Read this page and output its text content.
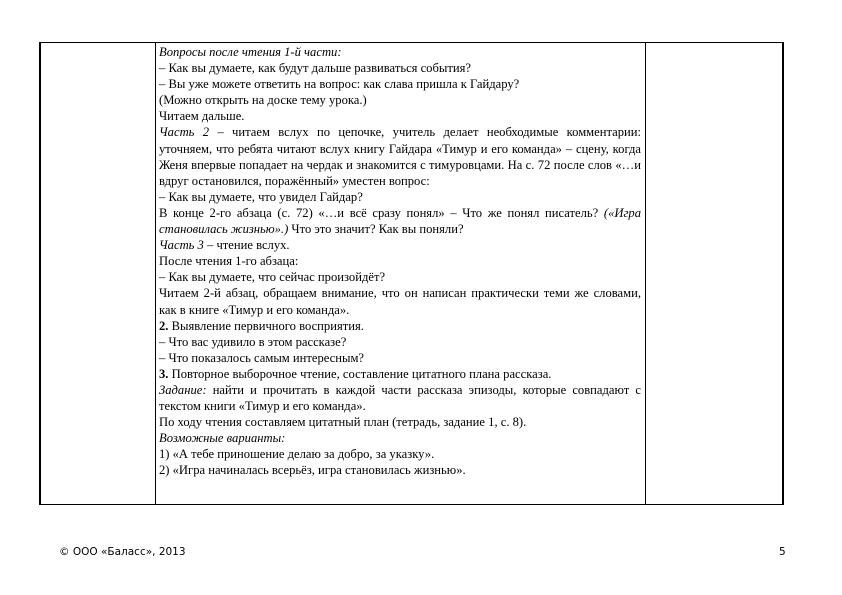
Вопросы после чтения 1-й части:

– Как вы думаете, как будут дальше развиваться события?

– Вы уже можете ответить на вопрос: как слава пришла к Гайдару?

(Можно открыть на доске тему урока.)

Читаем дальше.

Часть 2 – читаем вслух по цепочке, учитель делает необходимые комментарии: уточняем, что ребята читают вслух книгу Гайдара «Тимур и его команда» – сцену, когда Женя впервые попадает на чердак и знакомится с тимуровцами. На с. 72 после слов «…и вдруг остановился, поражённый» уместен вопрос:

– Как вы думаете, что увидел Гайдар?

В конце 2-го абзаца (с. 72) «…и всё сразу понял» – Что же понял писатель? («Игра становилась жизнью».) Что это значит? Как вы поняли?

Часть 3 – чтение вслух.

После чтения 1-го абзаца:

– Как вы думаете, что сейчас произойдёт?

Читаем 2-й абзац, обращаем внимание, что он написан практически теми же словами, как в книге «Тимур и его команда».

2. Выявление первичного восприятия.

– Что вас удивило в этом рассказе?

– Что показалось самым интересным?

3. Повторное выборочное чтение, составление цитатного плана рассказа.

Задание: найти и прочитать в каждой части рассказа эпизоды, которые совпадают с текстом книги «Тимур и его команда».

По ходу чтения составляем цитатный план (тетрадь, задание 1, с. 8).

Возможные варианты:

1) «А тебе приношение делаю за добро, за указку».

2) «Игра начиналась всерьёз, игра становилась жизнью».

© ООО «Баласс», 2013	5
